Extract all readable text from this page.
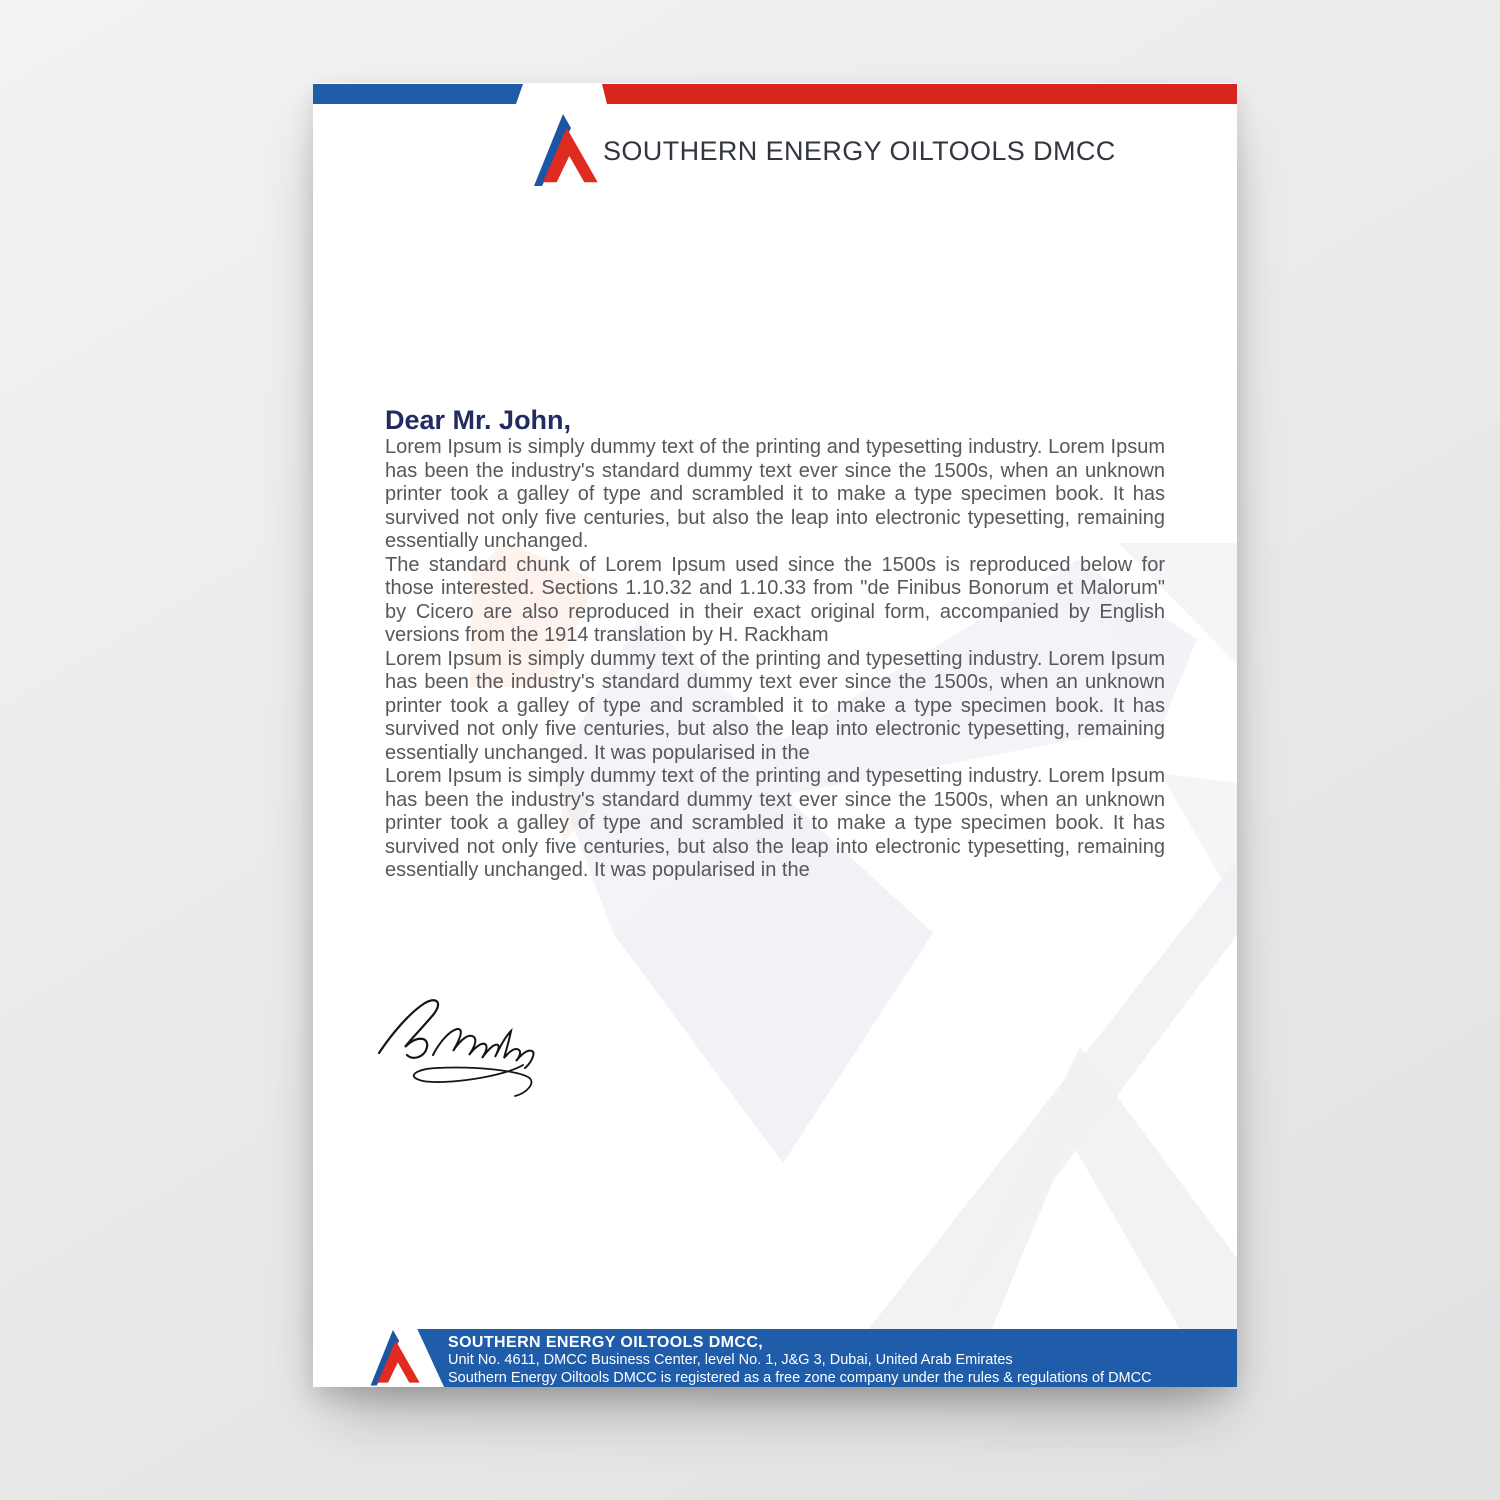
SOUTHERN ENERGY OILTOOLS DMCC
Dear Mr. John,

Lorem Ipsum is simply dummy text of the printing and typesetting industry. Lorem Ipsum has been the industry's standard dummy text ever since the 1500s, when an unknown printer took a galley of type and scrambled it to make a type specimen book. It has survived not only five centuries, but also the leap into electronic typesetting, remaining essentially unchanged.

The standard chunk of Lorem Ipsum used since the 1500s is reproduced below for those interested. Sections 1.10.32 and 1.10.33 from "de Finibus Bonorum et Malorum" by Cicero are also reproduced in their exact original form, accompanied by English versions from the 1914 translation by H. Rackham

Lorem Ipsum is simply dummy text of the printing and typesetting industry. Lorem Ipsum has been the industry's standard dummy text ever since the 1500s, when an unknown printer took a galley of type and scrambled it to make a type specimen book. It has survived not only five centuries, but also the leap into electronic typesetting, remaining essentially unchanged. It was popularised in the

Lorem Ipsum is simply dummy text of the printing and typesetting industry. Lorem Ipsum has been the industry's standard dummy text ever since the 1500s, when an unknown printer took a galley of type and scrambled it to make a type specimen book. It has survived not only five centuries, but also the leap into electronic typesetting, remaining essentially unchanged. It was popularised in the

SOUTHERN ENERGY OILTOOLS DMCC,
Unit No. 4611, DMCC Business Center, level No. 1, J&G 3, Dubai, United Arab Emirates
Southern Energy Oiltools DMCC is registered as a free zone company under the rules & regulations of DMCC
